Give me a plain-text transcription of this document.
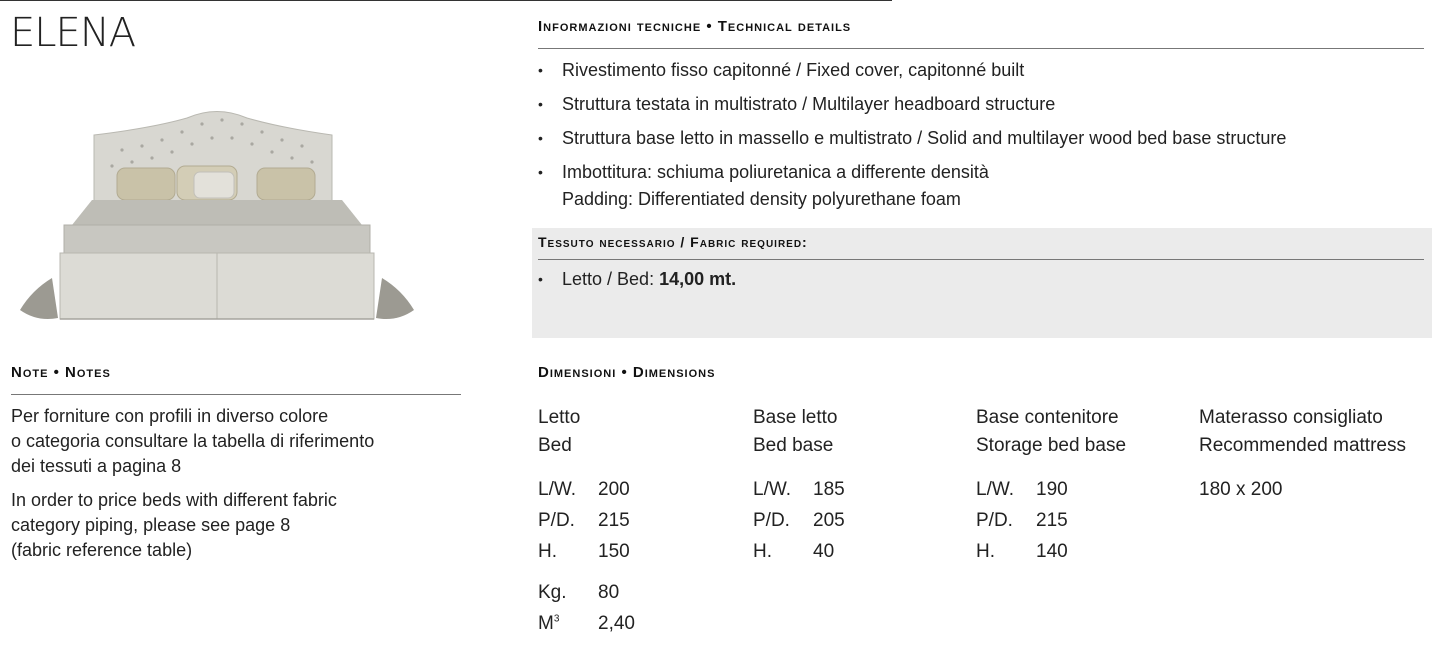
ELENA
Note • Notes
Per forniture con profili in diverso colore
o categoria consultare la tabella di riferimento
dei tessuti a pagina 8
In order to price beds with different fabric
category piping, please see page 8
(fabric reference table)
Informazioni tecniche • Technical details
• Rivestimento fisso capitonné / Fixed cover, capitonné built
• Struttura testata in multistrato / Multilayer headboard structure
• Struttura base letto in massello e multistrato / Solid and multilayer wood bed base structure
• Imbottitura: schiuma poliuretanica a differente densità
Padding: Differentiated density polyurethane foam
Tessuto necessario / Fabric required:
• Letto / Bed: 14,00 mt.
Dimensioni • Dimensions
Letto
Bed
L/W.	200
P/D.	215
H.	150
Kg.	80
$M^3$	2,40
Base letto
Bed base
L/W.	185
P/D.	205
H.	40
Base contenitore
Storage bed base
L/W.	190
P/D.	215
H.	140
Materasso consigliato
Recommended mattress
180 x 200
